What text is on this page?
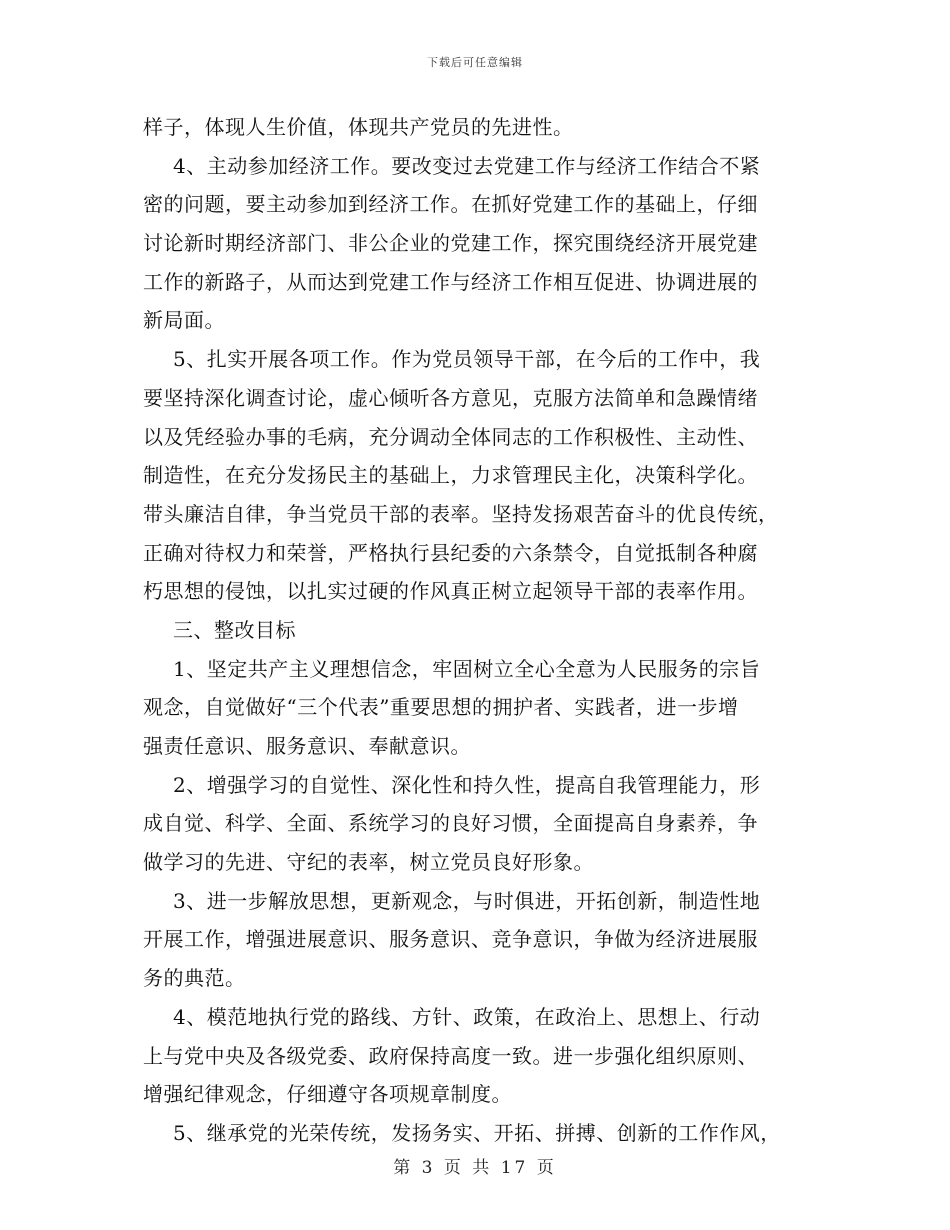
下载后可任意编辑
样子，体现人生价值，体现共产党员的先进性。
4、主动参加经济工作。要改变过去党建工作与经济工作结合不紧
密的问题，要主动参加到经济工作。在抓好党建工作的基础上，仔细
讨论新时期经济部门、非公企业的党建工作，探究围绕经济开展党建
工作的新路子，从而达到党建工作与经济工作相互促进、协调进展的
新局面。
5、扎实开展各项工作。作为党员领导干部，在今后的工作中，我
要坚持深化调查讨论，虚心倾听各方意见，克服方法简单和急躁情绪
以及凭经验办事的毛病，充分调动全体同志的工作积极性、主动性、
制造性，在充分发扬民主的基础上，力求管理民主化，决策科学化。
带头廉洁自律，争当党员干部的表率。坚持发扬艰苦奋斗的优良传统，
正确对待权力和荣誉，严格执行县纪委的六条禁令，自觉抵制各种腐
朽思想的侵蚀，以扎实过硬的作风真正树立起领导干部的表率作用。
三、整改目标
1、坚定共产主义理想信念，牢固树立全心全意为人民服务的宗旨
观念，自觉做好“三个代表”重要思想的拥护者、实践者，进一步增
强责任意识、服务意识、奉献意识。
2、增强学习的自觉性、深化性和持久性，提高自我管理能力，形
成自觉、科学、全面、系统学习的良好习惯，全面提高自身素养，争
做学习的先进、守纪的表率，树立党员良好形象。
3、进一步解放思想，更新观念，与时俱进，开拓创新，制造性地
开展工作，增强进展意识、服务意识、竞争意识，争做为经济进展服
务的典范。
4、模范地执行党的路线、方针、政策，在政治上、思想上、行动
上与党中央及各级党委、政府保持高度一致。进一步强化组织原则、
增强纪律观念，仔细遵守各项规章制度。
5、继承党的光荣传统，发扬务实、开拓、拼搏、创新的工作作风，
第 3 页 共 17 页
